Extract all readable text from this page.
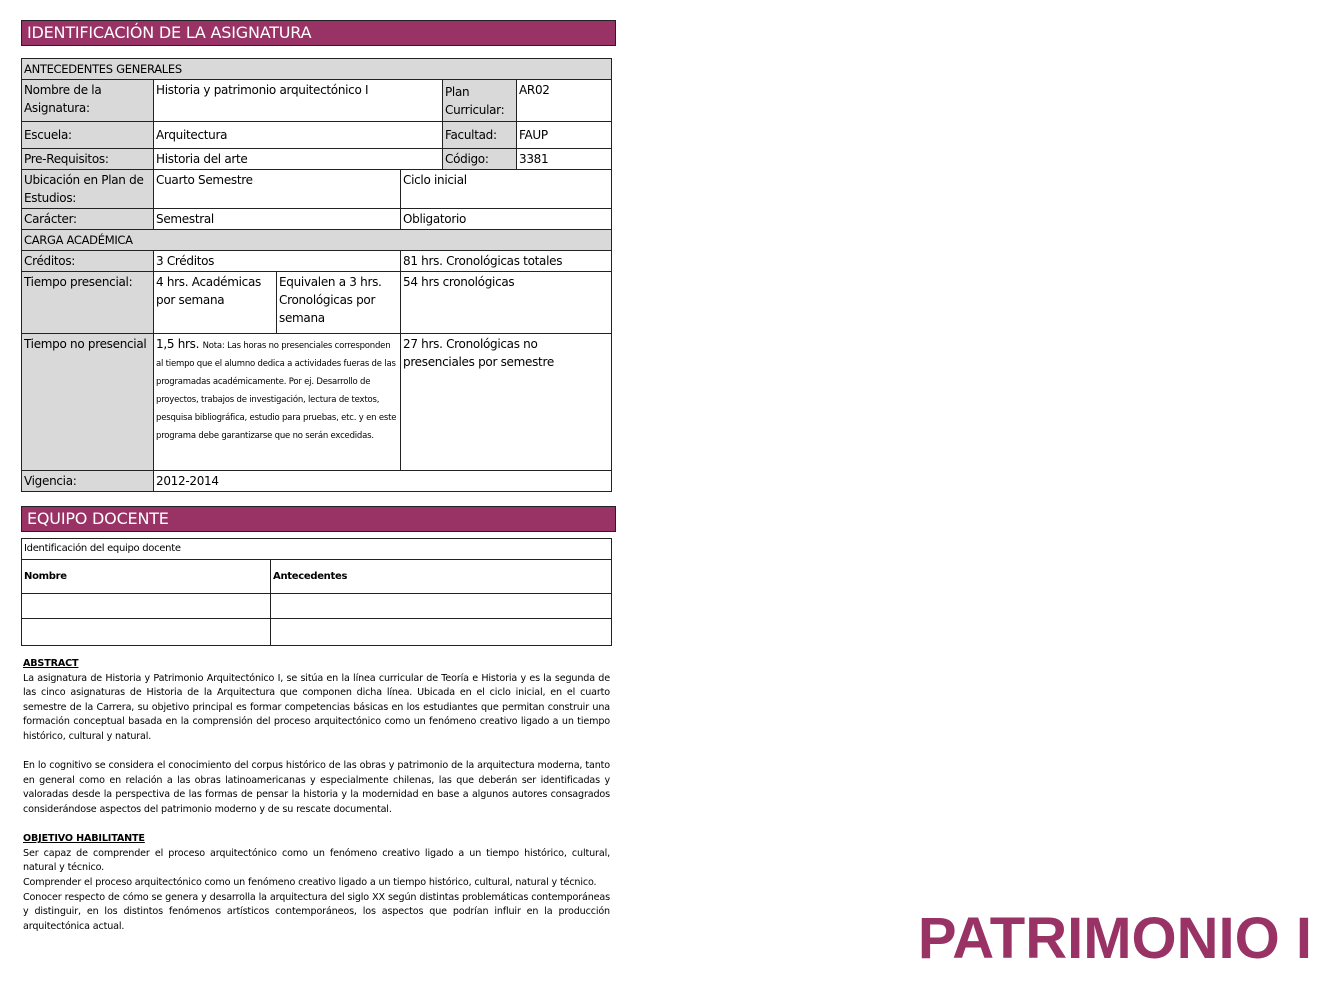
IDENTIFICACIÓN DE LA ASIGNATURA
ANTECEDENTES GENERALES					
Nombre de la Asignatura:	Historia y patrimonio arquitectónico I			Plan Curricular:	AR02
Escuela:	Arquitectura			Facultad:	FAUP
Pre-Requisitos:	Historia del arte			Código:	3381
Ubicación en Plan de Estudios:	Cuarto Semestre		Ciclo inicial		
Carácter:	Semestral		Obligatorio		
CARGA ACADÉMICA					
Créditos:	3 Créditos		81 hrs. Cronológicas totales		
Tiempo presencial:	4 hrs. Académicas por semana	Equivalen a 3 hrs. Cronológicas por semana	54 hrs cronológicas		
Tiempo no presencial	1,5 hrs. Nota: Las horas no presenciales corresponden al tiempo que el alumno dedica a actividades fueras de las programadas académicamente. Por ej. Desarrollo de proyectos, trabajos de investigación, lectura de textos, pesquisa bibliográfica, estudio para pruebas, etc. y en este programa debe garantizarse que no serán excedidas.		27 hrs. Cronológicas no presenciales por semestre		
Vigencia:	2012-2014				
EQUIPO DOCENTE
Identificación del equipo docente	
Nombre	Antecedentes

ABSTRACT

La asignatura de Historia y Patrimonio Arquitectónico I, se sitúa en la línea curricular de Teoría e Historia y es la segunda de las cinco asignaturas de Historia de la Arquitectura que componen dicha línea. Ubicada en el ciclo inicial, en el cuarto semestre de la Carrera, su objetivo principal es formar competencias básicas en los estudiantes que permitan construir una formación conceptual basada en la comprensión del proceso arquitectónico como un fenómeno creativo ligado a un tiempo histórico, cultural y natural.

En lo cognitivo se considera el conocimiento del corpus histórico de las obras y patrimonio de la arquitectura moderna, tanto en general como en relación a las obras latinoamericanas y especialmente chilenas, las que deberán ser identificadas y valoradas desde la perspectiva de las formas de pensar la historia y la modernidad en base a algunos autores consagrados considerándose aspectos del patrimonio moderno y de su rescate documental.

OBJETIVO HABILITANTE

Ser capaz de comprender el proceso arquitectónico como un fenómeno creativo ligado a un tiempo histórico, cultural, natural y técnico.

Comprender el proceso arquitectónico como un fenómeno creativo ligado a un tiempo histórico, cultural, natural y técnico.

Conocer respecto de cómo se genera y desarrolla la arquitectura del siglo XX según distintas problemáticas contemporáneas y distinguir, en los distintos fenómenos artísticos contemporáneos, los aspectos que podrían influir en la producción arquitectónica actual.	PATRIMONIO I
